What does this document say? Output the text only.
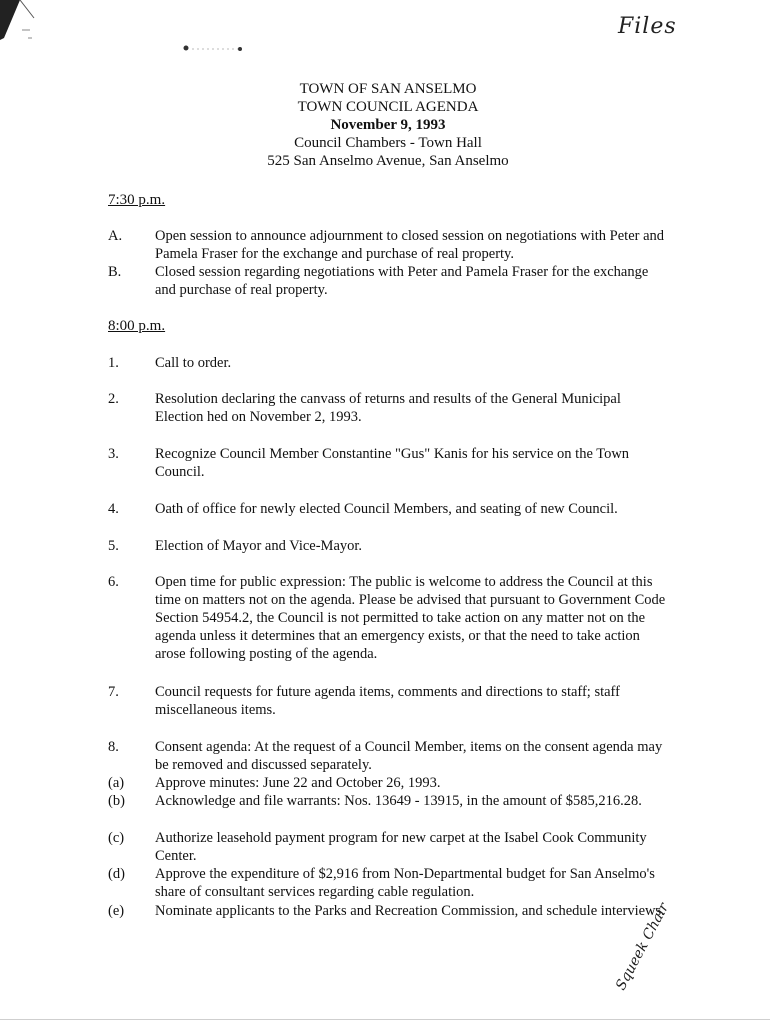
Files
TOWN OF SAN ANSELMO
TOWN COUNCIL AGENDA
November 9, 1993
Council Chambers - Town Hall
525 San Anselmo Avenue, San Anselmo
7:30 p.m.
A.	Open session to announce adjournment to closed session on negotiations with Peter and Pamela Fraser for the exchange and purchase of real property.
B.	Closed session regarding negotiations with Peter and Pamela Fraser for the exchange and purchase of real property.
8:00 p.m.
1.	Call to order.
2.	Resolution declaring the canvass of returns and results of the General Municipal Election hed on November 2, 1993.
3.	Recognize Council Member Constantine "Gus" Kanis for his service on the Town Council.
4.	Oath of office for newly elected Council Members, and seating of new Council.
5.	Election of Mayor and Vice-Mayor.
6.	Open time for public expression: The public is welcome to address the Council at this time on matters not on the agenda. Please be advised that pursuant to Government Code Section 54954.2, the Council is not permitted to take action on any matter not on the agenda unless it determines that an emergency exists, or that the need to take action arose following posting of the agenda.
7.	Council requests for future agenda items, comments and directions to staff; staff miscellaneous items.
8.	Consent agenda: At the request of a Council Member, items on the consent agenda may be removed and discussed separately.
(a)	Approve minutes: June 22 and October 26, 1993.
(b)	Acknowledge and file warrants: Nos. 13649 - 13915, in the amount of $585,216.28.
(c)	Authorize leasehold payment program for new carpet at the Isabel Cook Community Center.
(d)	Approve the expenditure of $2,916 from Non-Departmental budget for San Anselmo's share of consultant services regarding cable regulation.
(e)	Nominate applicants to the Parks and Recreation Commission, and schedule interviews.
Squeek Chair
